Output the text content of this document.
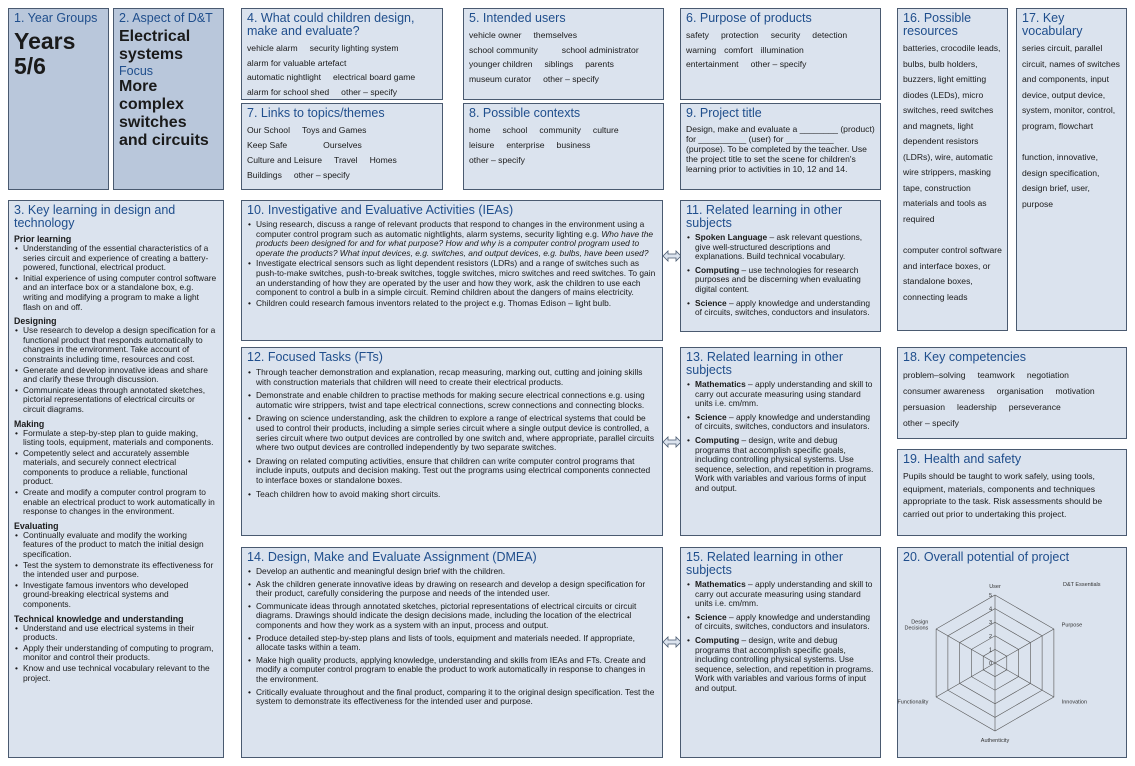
1. Year Groups
Years 5/6
2. Aspect of D&T
Electrical systems
Focus
More complex switches and circuits
4. What could children design, make and evaluate?
vehicle alarm security lighting system
alarm for valuable artefact
automatic nightlight electrical board game
alarm for school shed other – specify
7. Links to topics/themes
Our School Toys and Games
Keep Safe	Ourselves
Culture and Leisure Travel Homes
Buildings other – specify
5. Intended users
vehicle owner themselves
school community	school administrator
younger children siblings parents
museum curator other – specify
8. Possible contexts
home school community culture
leisure enterprise business
other – specify
6. Purpose of products
safety protection security detection
warning comfort illumination
entertainment other – specify
9. Project title
Design, make and evaluate a ________ (product) for __________ (user) for __________ (purpose). To be completed by the teacher. Use the project title to set the scene for children's learning prior to activities in 10, 12 and 14.
16. Possible resources
batteries, crocodile leads, bulbs, bulb holders, buzzers, light emitting diodes (LEDs), micro switches, reed switches and magnets, light dependent resistors (LDRs), wire, automatic wire strippers, masking tape, construction materials and tools as required
computer control software and interface boxes, or standalone boxes, connecting leads
17. Key vocabulary
series circuit, parallel circuit, names of switches and components, input device, output device, system, monitor, control, program, flowchart
function, innovative, design specification, design brief, user, purpose
3. Key learning in design and technology
Prior learning
• Understanding of the essential characteristics of a series circuit and experience of creating a battery-powered, functional, electrical product.
• Initial experience of using computer control software and an interface box or a standalone box, e.g. writing and modifying a program to make a light flash on and off.
Designing
• Use research to develop a design specification for a functional product that responds automatically to changes in the environment. Take account of constraints including time, resources and cost.
• Generate and develop innovative ideas and share and clarify these through discussion.
• Communicate ideas through annotated sketches, pictorial representations of electrical circuits or circuit diagrams.
Making
• Formulate a step-by-step plan to guide making, listing tools, equipment, materials and components.
• Competently select and accurately assemble materials, and securely connect electrical components to produce a reliable, functional product.
• Create and modify a computer control program to enable an electrical product to work automatically in response to changes in the environment.
Evaluating
• Continually evaluate and modify the working features of the product to match the initial design specification.
• Test the system to demonstrate its effectiveness for the intended user and purpose.
• Investigate famous inventors who developed ground-breaking electrical systems and components.
Technical knowledge and understanding
• Understand and use electrical systems in their products.
• Apply their understanding of computing to program, monitor and control their products.
• Know and use technical vocabulary relevant to the project.
10. Investigative and Evaluative Activities (IEAs)
• Using research, discuss a range of relevant products that respond to changes in the environment using a computer control program such as automatic nightlights, alarm systems, security lighting e.g. Who have the products been designed for and for what purpose? How and why is a computer control program used to operate the products? What input devices, e.g. switches, and output devices, e.g. bulbs, have been used?
• Investigate electrical sensors such as light dependent resistors (LDRs) and a range of switches such as push-to-make switches, push-to-break switches, toggle switches, micro switches and reed switches. To gain an understanding of how they are operated by the user and how they work, ask the children to use each component to control a bulb in a simple circuit. Remind children about the dangers of mains electricity.
• Children could research famous inventors related to the project e.g. Thomas Edison – light bulb.
12. Focused Tasks (FTs)
• Through teacher demonstration and explanation, recap measuring, marking out, cutting and joining skills with construction materials that children will need to create their electrical products.
• Demonstrate and enable children to practise methods for making secure electrical connections e.g. using automatic wire strippers, twist and tape electrical connections, screw connections and connecting blocks.
• Drawing on science understanding, ask the children to explore a range of electrical systems that could be used to control their products, including a simple series circuit where a single output device is controlled, a series circuit where two output devices are controlled by one switch and, where appropriate, parallel circuits where two output devices are controlled independently by two separate switches.
• Drawing on related computing activities, ensure that children can write computer control programs that include inputs, outputs and decision making. Test out the programs using electrical components connected to interface boxes or standalone boxes.
• Teach children how to avoid making short circuits.
14. Design, Make and Evaluate Assignment (DMEA)
• Develop an authentic and meaningful design brief with the children.
• Ask the children generate innovative ideas by drawing on research and develop a design specification for their product, carefully considering the purpose and needs of the intended user.
• Communicate ideas through annotated sketches, pictorial representations of electrical circuits or circuit diagrams. Drawings should indicate the design decisions made, including the location of the electrical components and how they work as a system with an input, process and output.
• Produce detailed step-by-step plans and lists of tools, equipment and materials needed. If appropriate, allocate tasks within a team.
• Make high quality products, applying knowledge, understanding and skills from IEAs and FTs. Create and modify a computer control program to enable the product to work automatically in response to changes in the environment.
• Critically evaluate throughout and the final product, comparing it to the original design specification. Test the system to demonstrate its effectiveness for the intended user and purpose.
11. Related learning in other subjects
• Spoken Language – ask relevant questions, give well-structured descriptions and explanations. Build technical vocabulary.
• Computing – use technologies for research purposes and be discerning when evaluating digital content.
• Science – apply knowledge and understanding of circuits, switches, conductors and insulators.
13. Related learning in other subjects
• Mathematics – apply understanding and skill to carry out accurate measuring using standard units i.e. cm/mm.
• Science – apply knowledge and understanding of circuits, switches, conductors and insulators.
• Computing – design, write and debug programs that accomplish specific goals, including controlling physical systems. Use sequence, selection, and repetition in programs. Work with variables and various forms of input and output.
15. Related learning in other subjects
• Mathematics – apply understanding and skill to carry out accurate measuring using standard units i.e. cm/mm.
• Science – apply knowledge and understanding of circuits, switches, conductors and insulators.
• Computing – design, write and debug programs that accomplish specific goals, including controlling physical systems. Use sequence, selection, and repetition in programs. Work with variables and various forms of input and output.
18. Key competencies
problem–solving teamwork negotiation
consumer awareness organisation motivation
persuasion leadership perseverance
other – specify
19. Health and safety
Pupils should be taught to work safely, using tools, equipment, materials, components and techniques appropriate to the task. Risk assessments should be carried out prior to undertaking this project.
20. Overall potential of project
D&T Essentials
User
Purpose
Innovation
Authenticity
Functionality
Design Decisions
0
1
2
3
4
5
